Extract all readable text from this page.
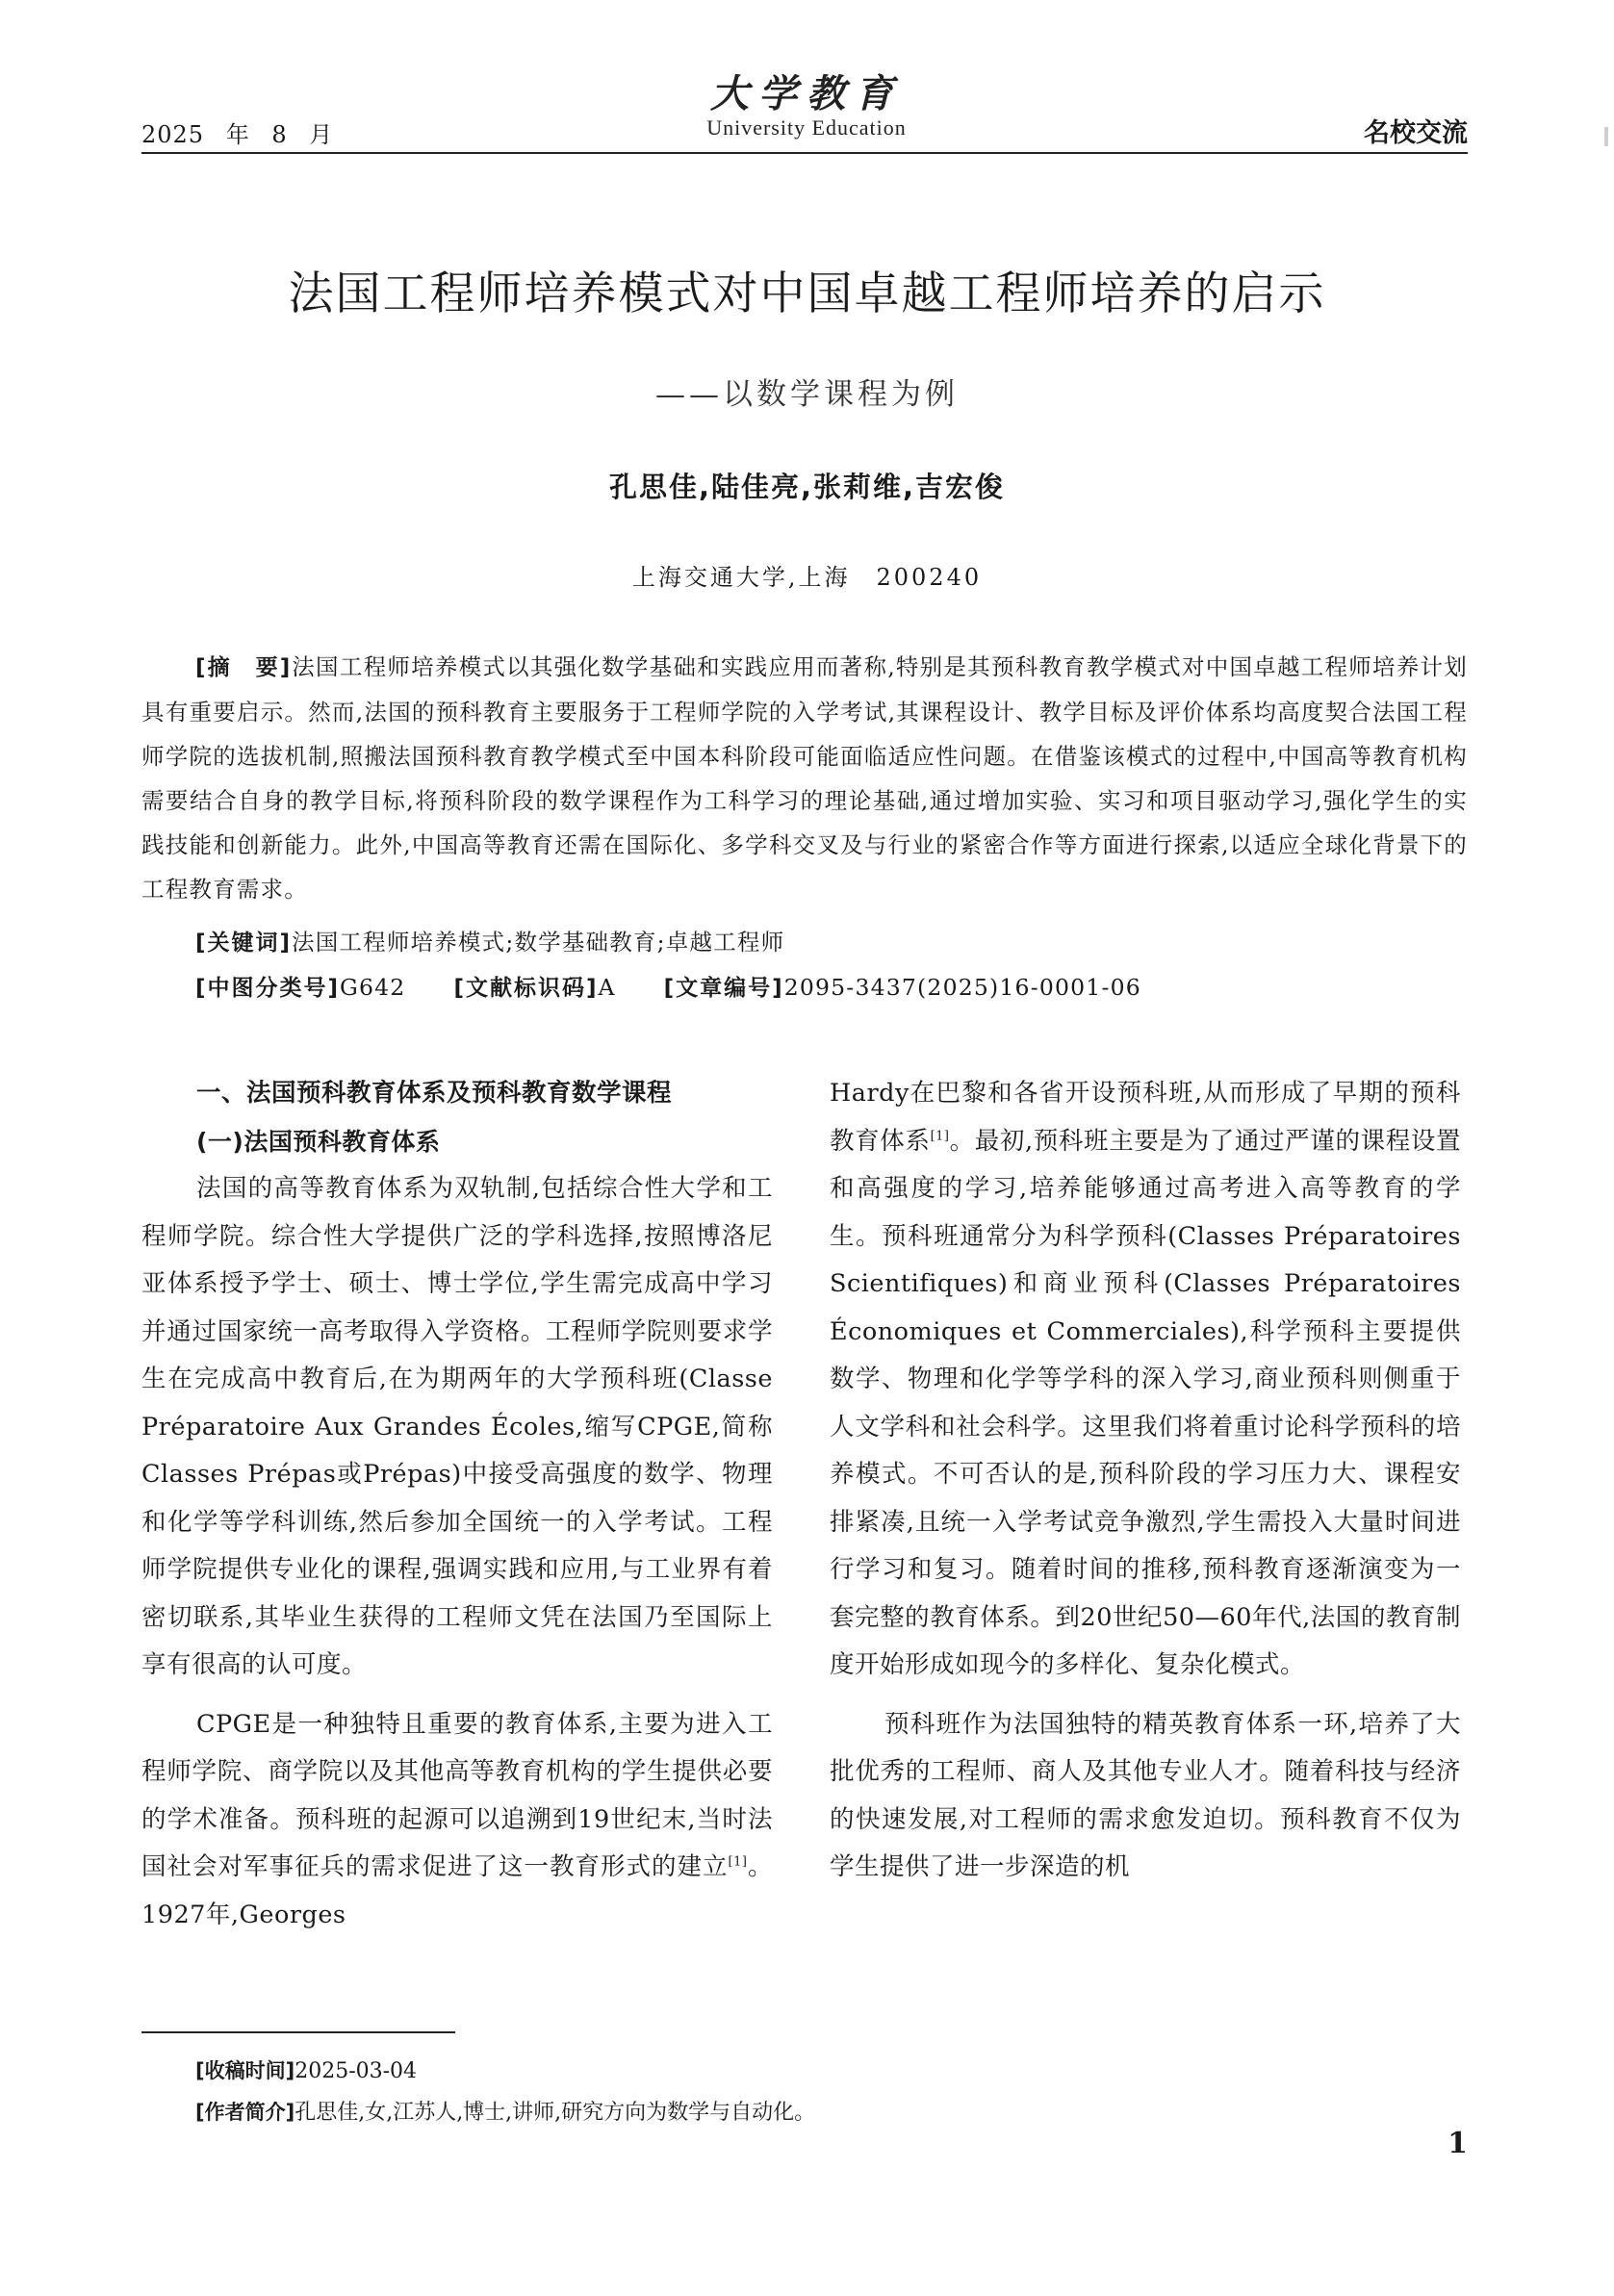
大学教育
University Education
2025 年 8 月	名校交流
法国工程师培养模式对中国卓越工程师培养的启示
——以数学课程为例
孔思佳,陆佳亮,张莉维,吉宏俊
上海交通大学,上海　200240
[摘　要]法国工程师培养模式以其强化数学基础和实践应用而著称,特别是其预科教育教学模式对中国卓越工程师培养计划具有重要启示。然而,法国的预科教育主要服务于工程师学院的入学考试,其课程设计、教学目标及评价体系均高度契合法国工程师学院的选拔机制,照搬法国预科教育教学模式至中国本科阶段可能面临适应性问题。在借鉴该模式的过程中,中国高等教育机构需要结合自身的教学目标,将预科阶段的数学课程作为工科学习的理论基础,通过增加实验、实习和项目驱动学习,强化学生的实践技能和创新能力。此外,中国高等教育还需在国际化、多学科交叉及与行业的紧密合作等方面进行探索,以适应全球化背景下的工程教育需求。
[关键词]法国工程师培养模式;数学基础教育;卓越工程师
[中图分类号]G642 [文献标识码]A [文章编号]2095-3437(2025)16-0001-06

一、法国预科教育体系及预科教育数学课程

(一)法国预科教育体系

法国的高等教育体系为双轨制,包括综合性大学和工程师学院。综合性大学提供广泛的学科选择,按照博洛尼亚体系授予学士、硕士、博士学位,学生需完成高中学习并通过国家统一高考取得入学资格。工程师学院则要求学生在完成高中教育后,在为期两年的大学预科班(Classe Préparatoire Aux Grandes Écoles,缩写CPGE,简称Classes Prépas或Prépas)中接受高强度的数学、物理和化学等学科训练,然后参加全国统一的入学考试。工程师学院提供专业化的课程,强调实践和应用,与工业界有着密切联系,其毕业生获得的工程师文凭在法国乃至国际上享有很高的认可度。

CPGE是一种独特且重要的教育体系,主要为进入工程师学院、商学院以及其他高等教育机构的学生提供必要的学术准备。预科班的起源可以追溯到19世纪末,当时法国社会对军事征兵的需求促进了这一教育形式的建立[1]。1927年,Georges

Hardy在巴黎和各省开设预科班,从而形成了早期的预科教育体系[1]。最初,预科班主要是为了通过严谨的课程设置和高强度的学习,培养能够通过高考进入高等教育的学生。预科班通常分为科学预科(Classes Préparatoires Scientifiques)和商业预科(Classes Préparatoires Économiques et Commerciales),科学预科主要提供数学、物理和化学等学科的深入学习,商业预科则侧重于人文学科和社会科学。这里我们将着重讨论科学预科的培养模式。不可否认的是,预科阶段的学习压力大、课程安排紧凑,且统一入学考试竞争激烈,学生需投入大量时间进行学习和复习。随着时间的推移,预科教育逐渐演变为一套完整的教育体系。到20世纪50—60年代,法国的教育制度开始形成如现今的多样化、复杂化模式。

预科班作为法国独特的精英教育体系一环,培养了大批优秀的工程师、商人及其他专业人才。随着科技与经济的快速发展,对工程师的需求愈发迫切。预科教育不仅为学生提供了进一步深造的机

[收稿时间]2025-03-04
[作者简介]孔思佳,女,江苏人,博士,讲师,研究方向为数学与自动化。
1
